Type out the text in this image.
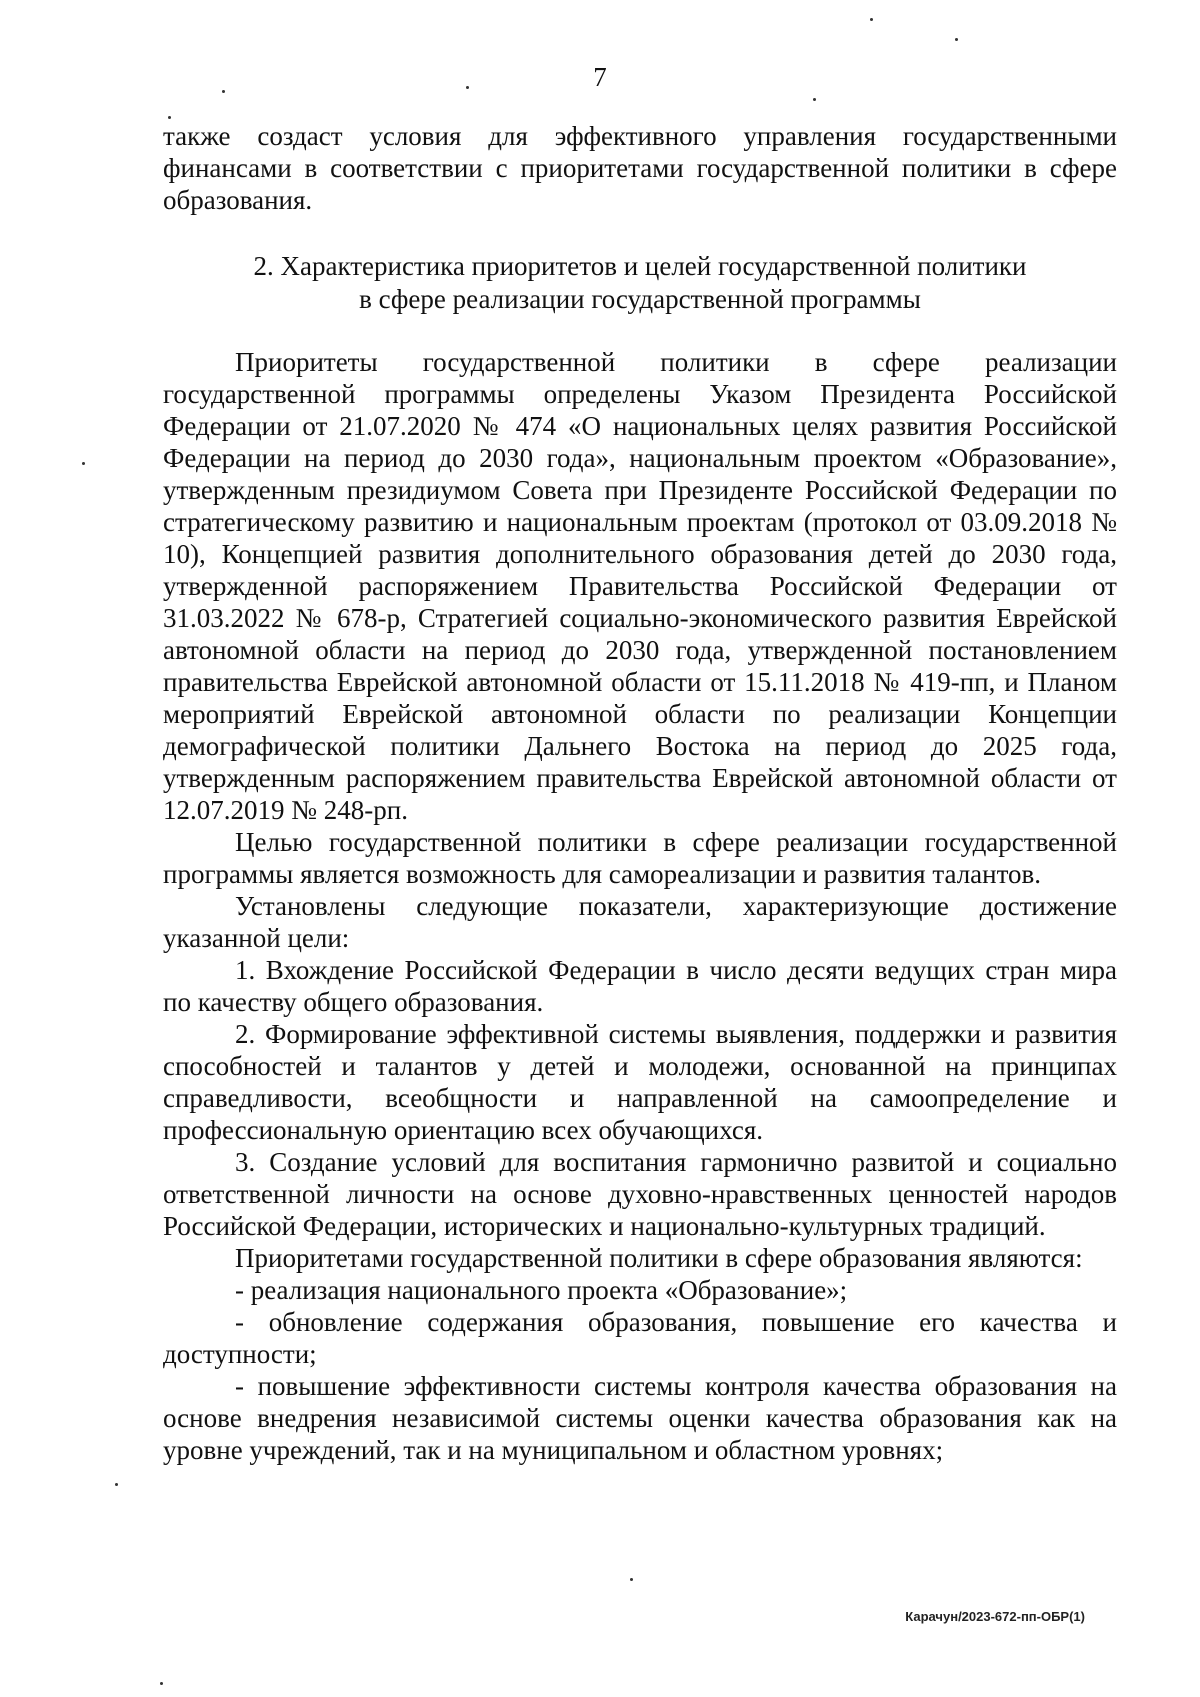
7

также создаст условия для эффективного управления государственными финансами в соответствии с приоритетами государственной политики в сфере образования.

2. Характеристика приоритетов и целей государственной политики
в сфере реализации государственной программы

Приоритеты государственной политики в сфере реализации государственной программы определены Указом Президента Российской Федерации от 21.07.2020 № 474 «О национальных целях развития Российской Федерации на период до 2030 года», национальным проектом «Образование», утвержденным президиумом Совета при Президенте Российской Федерации по стратегическому развитию и национальным проектам (протокол от 03.09.2018 № 10), Концепцией развития дополнительного образования детей до 2030 года, утвержденной распоряжением Правительства Российской Федерации от 31.03.2022 № 678-р, Стратегией социально-экономического развития Еврейской автономной области на период до 2030 года, утвержденной постановлением правительства Еврейской автономной области от 15.11.2018 № 419-пп, и Планом мероприятий Еврейской автономной области по реализации Концепции демографической политики Дальнего Востока на период до 2025 года, утвержденным распоряжением правительства Еврейской автономной области от 12.07.2019 № 248-рп.

Целью государственной политики в сфере реализации государственной программы является возможность для самореализации и развития талантов.

Установлены следующие показатели, характеризующие достижение указанной цели:

1. Вхождение Российской Федерации в число десяти ведущих стран мира по качеству общего образования.

2. Формирование эффективной системы выявления, поддержки и развития способностей и талантов у детей и молодежи, основанной на принципах справедливости, всеобщности и направленной на самоопределение и профессиональную ориентацию всех обучающихся.

3. Создание условий для воспитания гармонично развитой и социально ответственной личности на основе духовно-нравственных ценностей народов Российской Федерации, исторических и национально-культурных традиций.

Приоритетами государственной политики в сфере образования являются:

- реализация национального проекта «Образование»;

- обновление содержания образования, повышение его качества и доступности;

- повышение эффективности системы контроля качества образования на основе внедрения независимой системы оценки качества образования как на уровне учреждений, так и на муниципальном и областном уровнях;

Карачун/2023-672-пп-ОБР(1)
